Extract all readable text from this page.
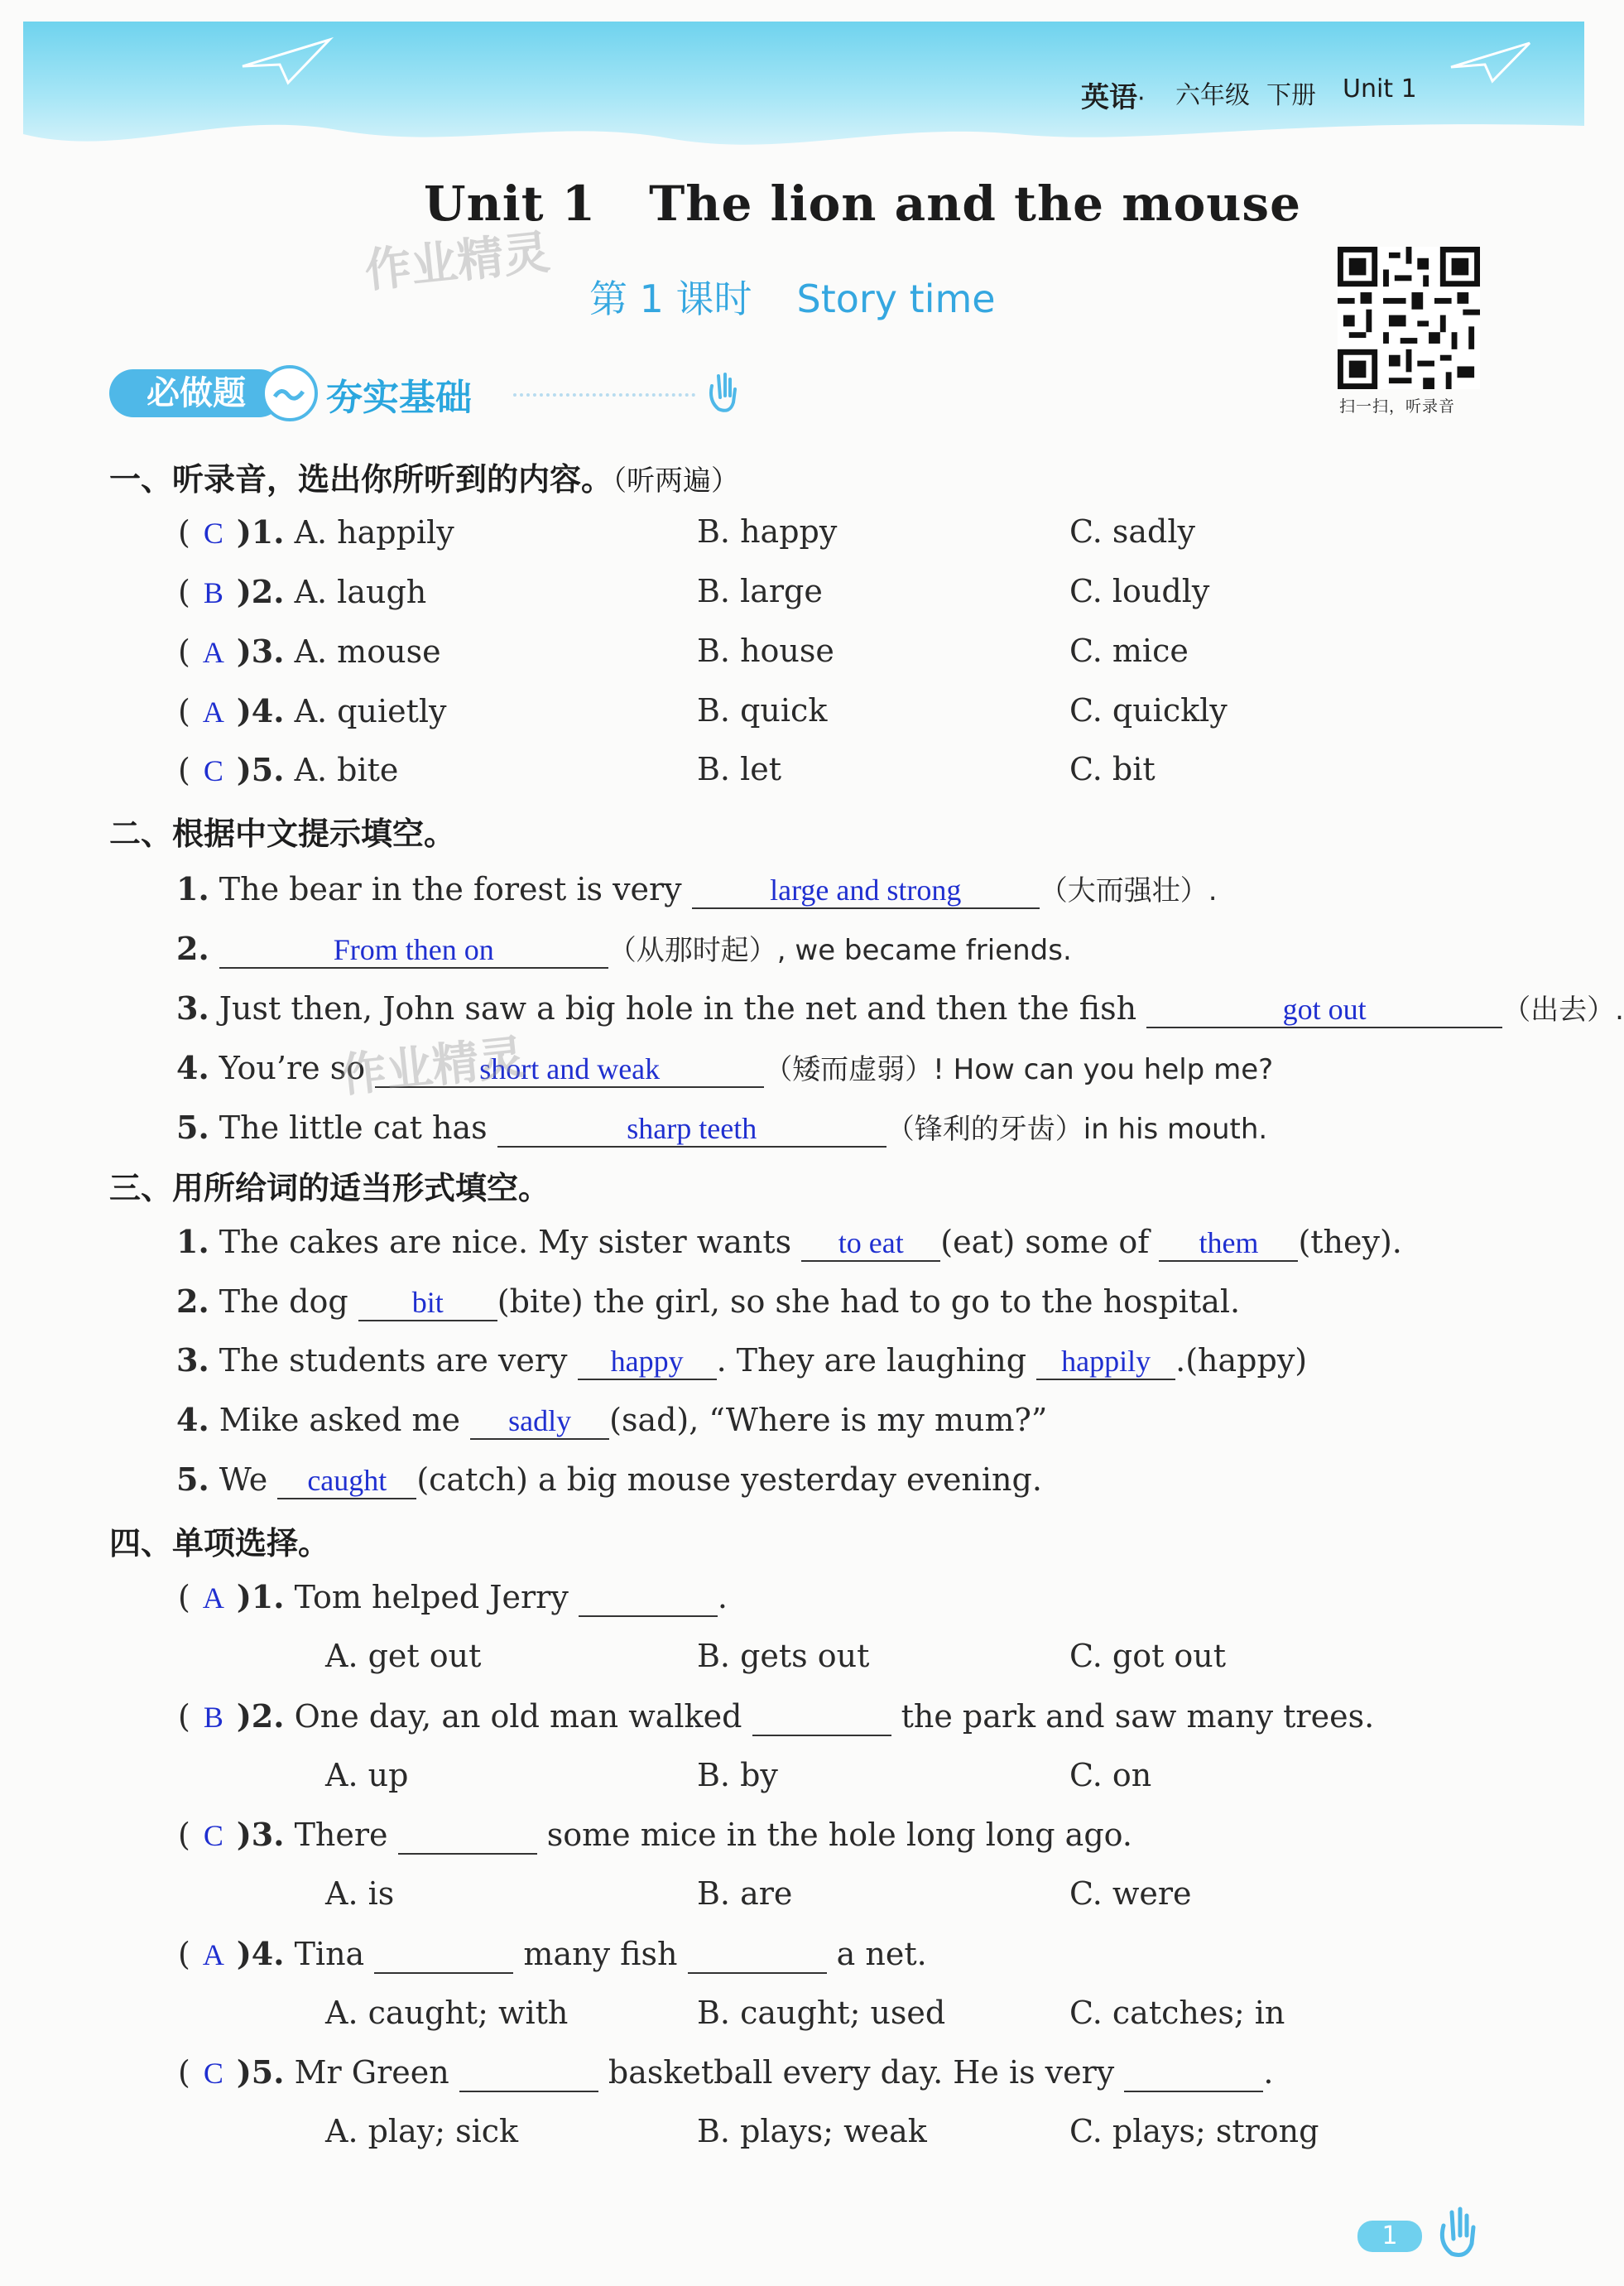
英语· 六年级 下册 Unit 1
Unit 1 The lion and the mouse
第 1 课时 Story time
作业精灵
扫一扫，听录音
必做题	夯实基础
一、听录音，选出你所听到的内容。（听两遍）
( C )1. A. happily	B. happy	C. sadly
( B )2. A. laugh	B. large	C. loudly
( A )3. A. mouse	B. house	C. mice
( A )4. A. quietly	B. quick	C. quickly
( C )5. A. bite	B. let	C. bit
二、根据中文提示填空。
1. The bear in the forest is very	large and strong	（大而强壮）.
2.	From then on	（从那时起）, we became friends.
3. Just then, John saw a big hole in the net and then the fish	got out	（出去）.
4. You’re so	short and weak	（矮而虚弱）! How can you help me?
5. The little cat has	sharp teeth	（锋利的牙齿）in his mouth.
作业精灵
三、用所给词的适当形式填空。
1. The cakes are nice. My sister wants to eat (eat) some of them (they).
2. The dog bit (bite) the girl, so she had to go to the hospital.
3. The students are very happy . They are laughing happily .(happy)
4. Mike asked me sadly (sad), “Where is my mum?”
5. We caught (catch) a big mouse yesterday evening.
四、单项选择。
( A )1. Tom helped Jerry	.
A. get out	B. gets out	C. got out
( B )2. One day, an old man walked	the park and saw many trees.
A. up	B. by	C. on
( C )3. There	some mice in the hole long long ago.
A. is	B. are	C. were
( A )4. Tina	many fish	a net.
A. caught; with	B. caught; used	C. catches; in
( C )5. Mr Green	basketball every day. He is very	.
A. play; sick	B. plays; weak	C. plays; strong
1
